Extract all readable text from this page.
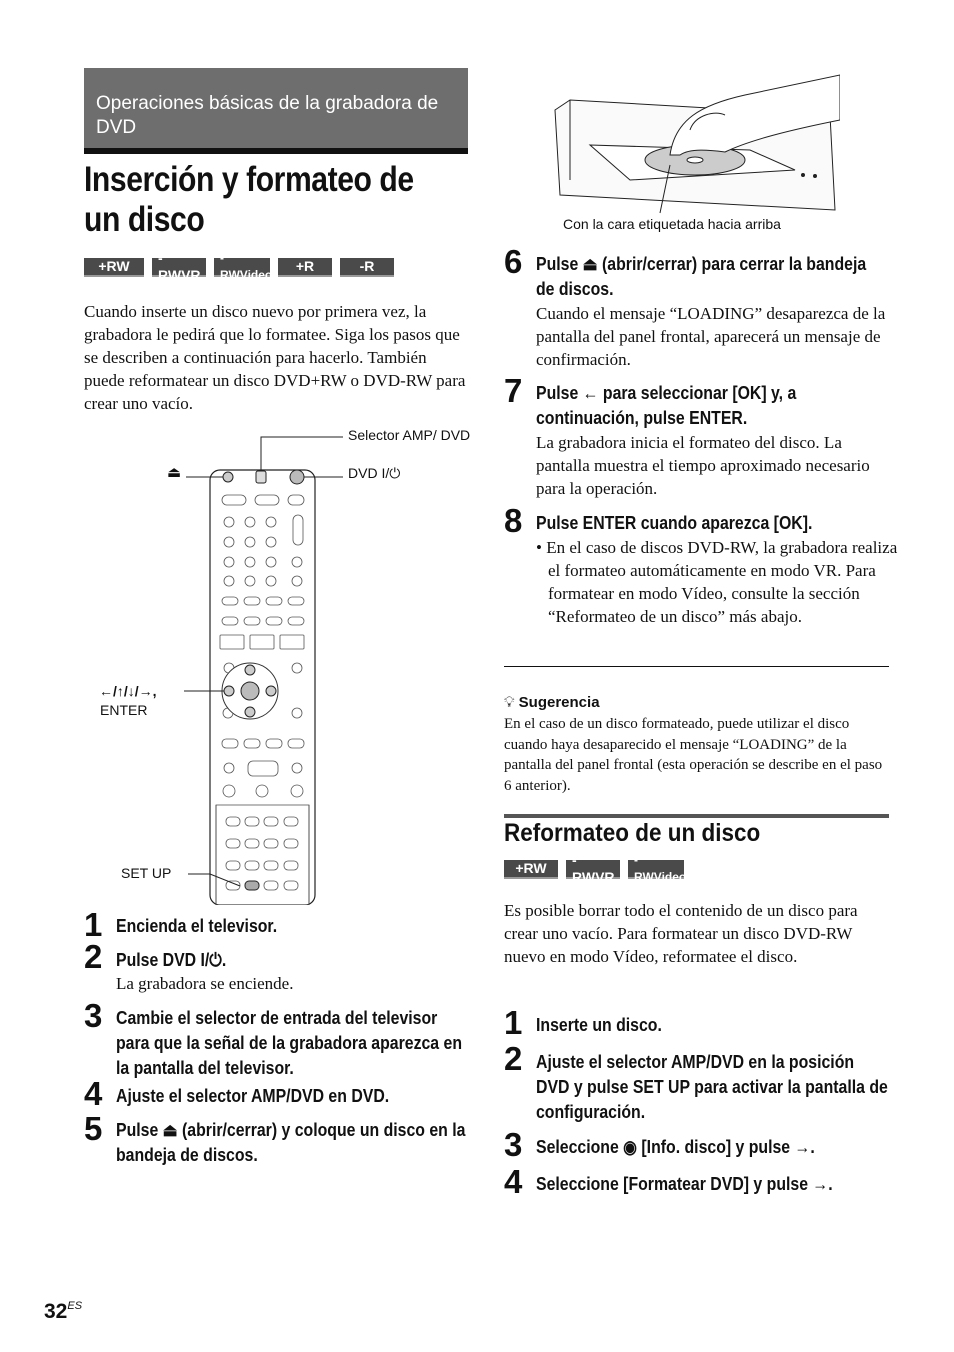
Operaciones básicas de la grabadora de DVD
Inserción y formateo de un disco
+RW
-RWVR
-RWVideo
+R	-R
Cuando inserte un disco nuevo por primera vez, la grabadora le pedirá que lo formatee. Siga los pasos que se describen a continuación para hacerlo. También puede reformatear un disco DVD+RW o DVD-RW para crear uno vacío.
Selector AMP/ DVD
DVD I/⏻
⏏
←/↑/↓/→,
ENTER
SET UP
1 Encienda el televisor.
2 Pulse DVD I/⏻.
La grabadora se enciende.
3 Cambie el selector de entrada del televisor para que la señal de la grabadora aparezca en la pantalla del televisor.
4 Ajuste el selector AMP/DVD en DVD.
5 Pulse ⏏ (abrir/cerrar) y coloque un disco en la bandeja de discos.
Con la cara etiquetada hacia arriba
6 Pulse ⏏ (abrir/cerrar) para cerrar la bandeja de discos.
Cuando el mensaje “LOADING” desaparezca de la pantalla del panel frontal, aparecerá un mensaje de confirmación.
7 Pulse ← para seleccionar [OK] y, a continuación, pulse ENTER.
La grabadora inicia el formateo del disco. La pantalla muestra el tiempo aproximado necesario para la operación.
8 Pulse ENTER cuando aparezca [OK].
• En el caso de discos DVD-RW, la grabadora realiza el formateo automáticamente en modo VR. Para formatear en modo Vídeo, consulte la sección “Reformateo de un disco” más abajo.
💡︎ Sugerencia
En el caso de un disco formateado, puede utilizar el disco cuando haya desaparecido el mensaje “LOADING” de la pantalla del panel frontal (esta operación se describe en el paso 6 anterior).
Reformateo de un disco
+RW
-RWVR
-RWVideo
Es posible borrar todo el contenido de un disco para crear uno vacío. Para formatear un disco DVD-RW nuevo en modo Vídeo, reformatee el disco.
1 Inserte un disco.
2 Ajuste el selector AMP/DVD en la posición DVD y pulse SET UP para activar la pantalla de configuración.
3 Seleccione ◉ [Info. disco] y pulse →.
4 Seleccione [Formatear DVD] y pulse →.
$32^{ES}$
